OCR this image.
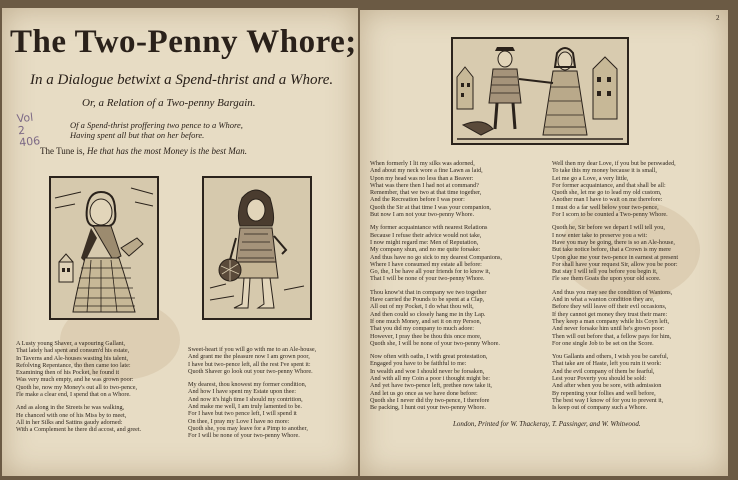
The Two-Penny Whore;
In a Dialogue betwixt a Spend-thrist and a Whore.
Or, a Relation of a Two-penny Bargain.
Of a Spend-thrist proffering two pence to a Whore,
Having spent all but that on her before.
The Tune is, He that has the most Money is the best Man.
Vol 2
406
2

A Lusty young Shaver, a vapouring Gallant,

That lately had spent and consum'd his estate,

In Taverns and Ale-houses wasting his talent,

Refolving Repentance, tho then came too late:

Examining then of his Pocket, he found it

Was very much empty, and he was grown poor:

Quoth he, now my Money's out all to two-pence,

I'le make a clear end, I spend that on a Whore.

And as along in the Streets he was walking,

He chanced with one of his Miss by to meet,

All in her Silks and Sattins gaudy adorned:

With a Complement he there did accost, and greet.

Sweet-heart if you will go with me to an Ale-house,

And grant me the pleasure now I am grown poor,

I have but two-pence left, all the rest I've spent it:

Quoth Shaver go look out your two-penny Whore.

My dearest, thou knowest my former condition,

And how I have spent my Estate upon thee:

And now it's high time I should my contrition,

And make me well, I am truly lamented to be.

For I have but two pence left, I will spend it

On thee, I pray my Love I have no more:

Quoth she, you may leave for a Pimp to another,

For I will be none of your two-penny Whore.

When formerly I lit my silks was adorned,

And about my neck wore a fine Lawn as laid,

Upon my head was no less than a Beaver:

What was there then I had not at command?

Remember, that we two at that time together,

And the Recreation before I was poor:

Quoth the Sir at that time I was your companion,

But now I am not your two-penny Whore.

My former acquaintance with nearest Relations

Because I refuse their advice would not take,

I now might regard me: Men of Reputation,

My company shun, and no me quite forsake:

And thus have no go sick to my dearest Companions,

Where I have consumed my estate all before:

Go, the, I be have all your friends for to know it,

That I will be none of your two-penny Whore.

Thou know'st that in company we two together

Have carried the Pounds to be spent at a Clap,

All out of my Pocket, I do what thou wilt,

And then could so closely hang me in thy Lap.

If one much Money, and set it on my Person,

That you did my company to much adore:

However, I pray thee be thou this once more,

Quoth she, I will be none of your two-penny Whore.

Now often with oaths, I with great protestation,

Engaged you have to be faithful to me:

In wealth and woe I should never be forsaken,

And with all my Coin a poor i thought might be:

And yet have two-pence left, prethee now take it,

And let us go once as we have done before:

Quoth she I never did thy two-pence, I therefore

Be packing, I hunt out your two-penny Whore.

Well then my dear Love, if you but be perswaded,

To take this my money because it is small,

Let me go a Love, a very little,

For former acquaintance, and that shall be all:

Quoth she, let me go to lead my old custom,

Another man I have to wait on me therefore:

I must do a far well below your two-pence,

For I scorn to be counted a Two-penny Whore.

Quoth he, Sir before we depart I will tell you,

I now enter take to preserve you a wit:

Have you may be going, there is so an Ale-house,

But take notice before, that a Crown is my mere

Upon glue me your two-pence in earnest at present

For shall have your request Sir, allow you be poor:

But stay I will tell you before you begin it,

I'le see them Goats the upon your old score.

And thus you may see the condition of Wantons,

And in what a wanton condition they are,

Before they will leave off their evil occasions,

If they cannot get money they trust their mare:

They keep a man company while his Coyn left,

And never forsake him until he's grown poor:

Then will out before that, a fellow pays for him,

For one single Job to be set on the Score.

You Gallants and others, I wish you be careful,

That take are of Haste, left you ruin it work:

And the evil company of them be fearful,

Lest your Poverty you should be sold:

And after when you be sore, with admission

By repenting your follies and well before,

The best way I know of for you to prevent it,

Is keep out of company such a Whore.

London, Printed for W. Thackeray, T. Passinger, and W. Whitwood.
